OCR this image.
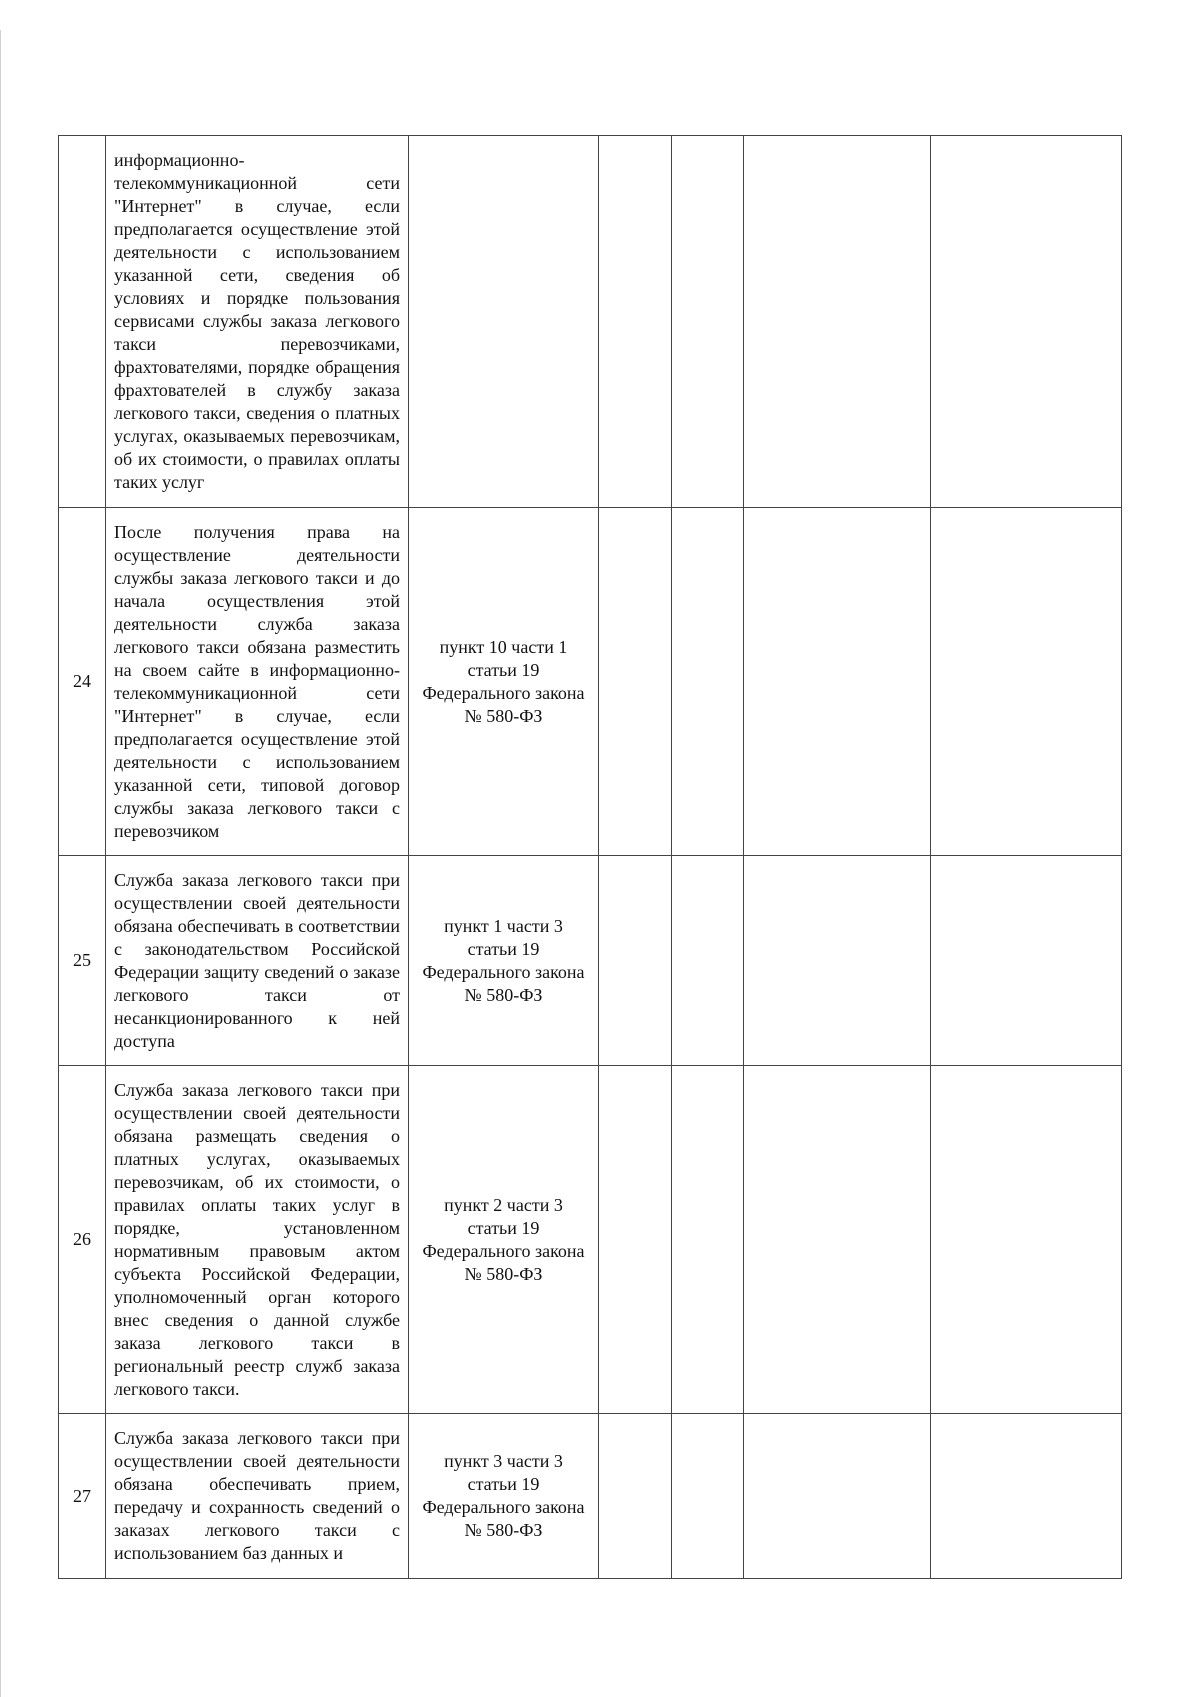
	информационно-телекоммуникационной сети "Интернет" в случае, если предполагается осуществление этой деятельности с использованием указанной сети, сведения об условиях и порядке пользования сервисами службы заказа легкового такси перевозчиками, фрахтователями, порядке обращения фрахтователей в службу заказа легкового такси, сведения о платных услугах, оказываемых перевозчикам, об их стоимости, о правилах оплаты таких услуг					
24	После получения права на осуществление деятельности службы заказа легкового такси и до начала осуществления этой деятельности служба заказа легкового такси обязана разместить на своем сайте в информационно-телекоммуникационной сети "Интернет" в случае, если предполагается осуществление этой деятельности с использованием указанной сети, типовой договор службы заказа легкового такси с перевозчиком	пункт 10 части 1 статьи 19 Федерального закона № 580-ФЗ				
25	Служба заказа легкового такси при осуществлении своей деятельности обязана обеспечивать в соответствии с законодательством Российской Федерации защиту сведений о заказе легкового такси от несанкционированного к ней доступа	пункт 1 части 3 статьи 19 Федерального закона № 580-ФЗ				
26	Служба заказа легкового такси при осуществлении своей деятельности обязана размещать сведения о платных услугах, оказываемых перевозчикам, об их стоимости, о правилах оплаты таких услуг в порядке, установленном нормативным правовым актом субъекта Российской Федерации, уполномоченный орган которого внес сведения о данной службе заказа легкового такси в региональный реестр служб заказа легкового такси.	пункт 2 части 3 статьи 19 Федерального закона № 580-ФЗ				
27	Служба заказа легкового такси при осуществлении своей деятельности обязана обеспечивать прием, передачу и сохранность сведений о заказах легкового такси с использованием баз данных и	пункт 3 части 3 статьи 19 Федерального закона № 580-ФЗ				
